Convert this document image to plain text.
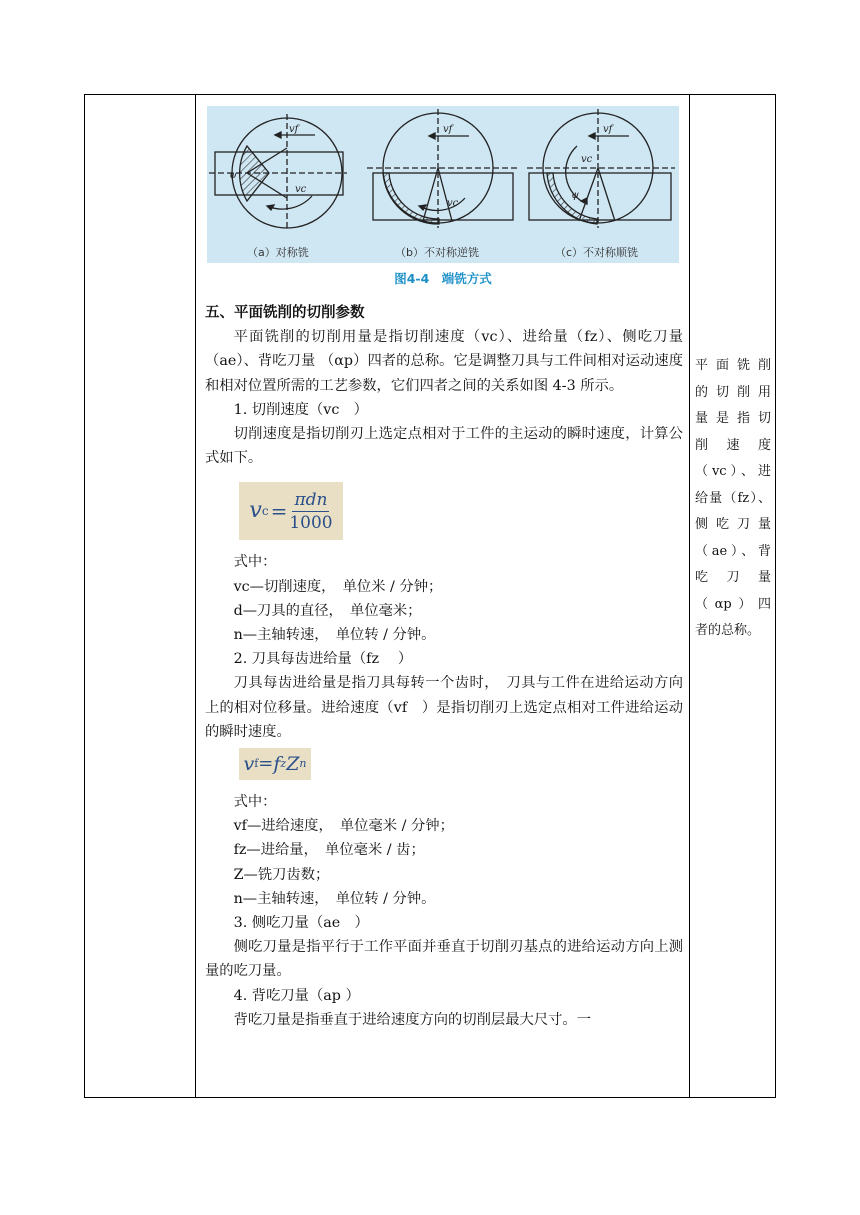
vf
ψ
vc
vf
vc
vf
vc
ψ
（a）对称铣	（b）不对称逆铣	（c）不对称顺铣
图4-4　端铣方式

五、平面铣削的切削参数

平面铣削的切削用量是指切削速度（vc）、进给量（fz）、侧吃刀量（ae）、背吃刀量 （αp）四者的总称。它是调整刀具与工件间相对运动速度和相对位置所需的工艺参数，它们四者之间的关系如图 4-3 所示。

1. 切削速度（vc　）

切削速度是指切削刃上选定点相对于工件的主运动的瞬时速度，计算公式如下。

v c = πdn
1000

式中：

vc—切削速度，　单位米 / 分钟；

d—刀具的直径，　单位毫米；

n—主轴转速，　单位转 / 分钟。

2. 刀具每齿进给量（fz　 ）

刀具每齿进给量是指刀具每转一个齿时，　刀具与工件在进给运动方向上的相对位移量。进给速度（vf　）是指切削刃上选定点相对工件进给运动的瞬时速度。

v f = f z Z n

式中：

vf—进给速度，　单位毫米 / 分钟；

fz—进给量，　单位毫米 / 齿；

Z—铣刀齿数；

n—主轴转速，　单位转 / 分钟。

3. 侧吃刀量（ae　）

侧吃刀量是指平行于工作平面并垂直于切削刃基点的进给运动方向上测量的吃刀量。

4. 背吃刀量（ap ）

背吃刀量是指垂直于进给速度方向的切削层最大尺寸。一

平面铣削
的切削用
量是指切
削 速 度
（vc）、进
给量（fz）、
侧吃刀量
（ae）、背
吃 刀 量
（αp）四
者的总称。
